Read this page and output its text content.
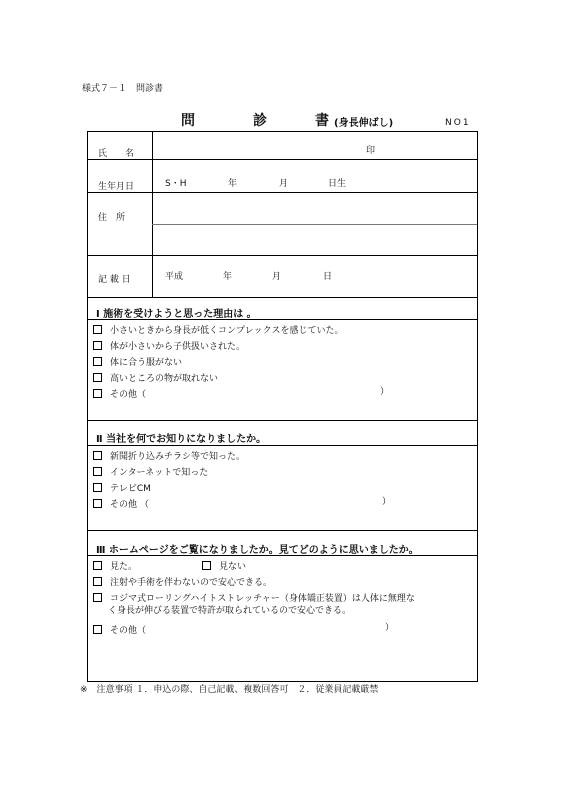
様式７－１　問診書
問	診	書 (身長伸ばし)	NO1
氏　　名	印
生年月日	S・H	年	月	日生
住　所
記 載 日	平成	年	月	日
Ⅰ 施術を受けようと思った理由は 。
小さいときから身長が低くコンプレックスを感じていた。
体が小さいから子供扱いされた。
体に合う服がない
高いところの物が取れない
その他（	）
Ⅱ 当社を何でお知りになりましたか。
新聞折り込みチラシ等で知った。
インターネットで知った
テレビCM
その他 （	）
Ⅲ ホームページをご覧になりましたか。見てどのように思いましたか。
見た。	見ない
注射や手術を伴わないので安心できる。
コジマ式ローリングハイトストレッチャー（身体矯正装置）は人体に無理な
く身長が伸びる装置で特許が取られているので安心できる。
その他（	）
※　注意事項 １．申込の際、自己記載、複数回答可　２．従業員記載厳禁
